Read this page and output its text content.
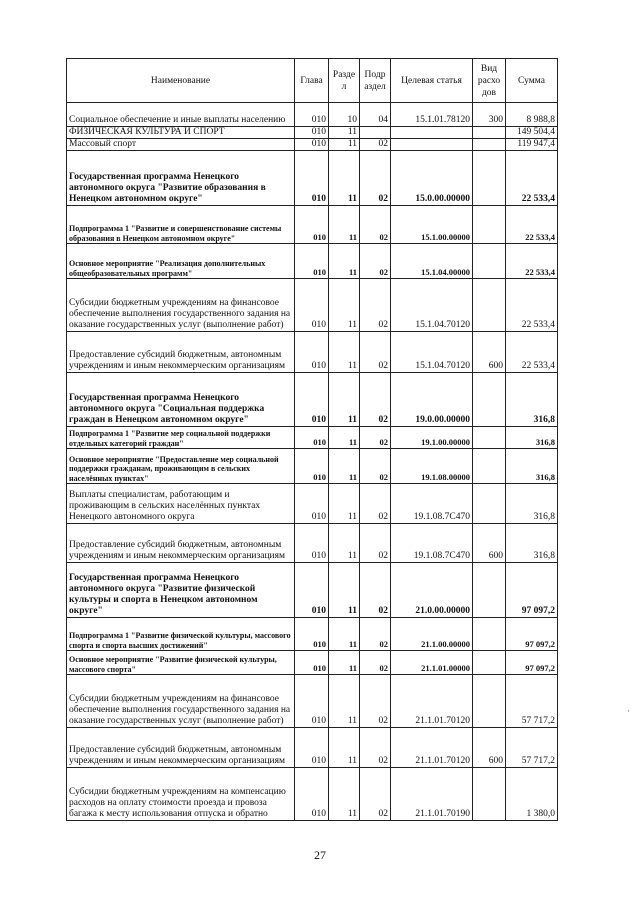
Наименование	Глава	Разде л	Подр аздел	Целевая статья	Вид расхо дов	Сумма
Социальное обеспечение и иные выплаты населению	010	10	04	15.1.01.78120	300	8 988,8
ФИЗИЧЕСКАЯ КУЛЬТУРА И СПОРТ	010	11				149 504,4
Массовый спорт	010	11	02			119 947,4
Государственная программа Ненецкого автономного округа "Развитие образования в Ненецком автономном округе"	010	11	02	15.0.00.00000		22 533,4
Подпрограмма 1 "Развитие и совершенствование системы образования в Ненецком автономном округе"	010	11	02	15.1.00.00000		22 533,4
Основное мероприятие "Реализация дополнительных общеобразовательных программ"	010	11	02	15.1.04.00000		22 533,4
Субсидии бюджетным учреждениям на финансовое обеспечение выполнения государственного задания на оказание государственных услуг (выполнение работ)	010	11	02	15.1.04.70120		22 533,4
Предоставление субсидий бюджетным, автономным учреждениям и иным некоммерческим организациям	010	11	02	15.1.04.70120	600	22 533,4
Государственная программа Ненецкого автономного округа "Социальная поддержка граждан в Ненецком автономном округе"	010	11	02	19.0.00.00000		316,8
Подпрограмма 1 "Развитие мер социальной поддержки отдельных категорий граждан"	010	11	02	19.1.00.00000		316,8
Основное мероприятие "Предоставление мер социальной поддержки гражданам, проживающим в сельских населённых пунктах"	010	11	02	19.1.08.00000		316,8
Выплаты специалистам, работающим и проживающим в сельских населённых пунктах Ненецкого автономного округа	010	11	02	19.1.08.7C470		316,8
Предоставление субсидий бюджетным, автономным учреждениям и иным некоммерческим организациям	010	11	02	19.1.08.7C470	600	316,8
Государственная программа Ненецкого автономного округа "Развитие физической культуры и спорта в Ненецком автономном округе"	010	11	02	21.0.00.00000		97 097,2
Подпрограмма 1 "Развитие физической культуры, массового спорта и спорта высших достижений"	010	11	02	21.1.00.00000		97 097,2
Основное мероприятие "Развитие физической культуры, массового спорта"	010	11	02	21.1.01.00000		97 097,2
Субсидии бюджетным учреждениям на финансовое обеспечение выполнения государственного задания на оказание государственных услуг (выполнение работ)	010	11	02	21.1.01.70120		57 717,2
Предоставление субсидий бюджетным, автономным учреждениям и иным некоммерческим организациям	010	11	02	21.1.01.70120	600	57 717,2
Субсидии бюджетным учреждениям на компенсацию расходов на оплату стоимости проезда и провоза багажа к месту использования отпуска и обратно	010	11	02	21.1.01.70190		1 380,0
27
·
